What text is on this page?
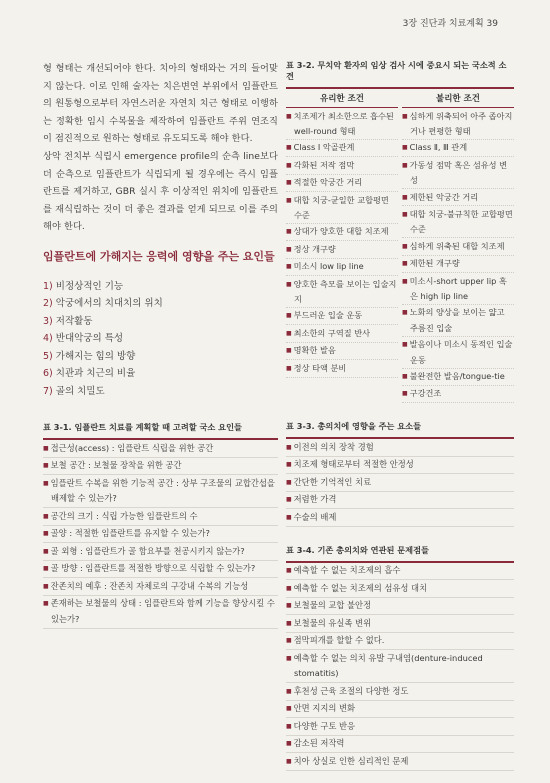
3장 진단과 치료계획 39

형 형태는 개선되어야 한다. 치아의 형태와는 거의 들어맞지 않는다. 이로 인해 술자는 치은변연 부위에서 임플란트의 원통형으로부터 자연스러운 자연치 치근 형태로 이행하는 정확한 임시 수복물을 제작하여 임플란트 주위 연조직이 점진적으로 원하는 형태로 유도되도록 해야 한다.

상악 전치부 식립시 emergence profile의 순측 line보다 더 순측으로 임플란트가 식립되게 될 경우에는 즉시 임플란트를 제거하고, GBR 실시 후 이상적인 위치에 임플란트를 재식립하는 것이 더 좋은 결과를 얻게 되므로 이를 주의해야 한다.

임플란트에 가해지는 응력에 영향을 주는 요인들
1) 비정상적인 기능
2) 악궁에서의 치대치의 위치
3) 저작활동
4) 반대악궁의 특성
5) 가해지는 힘의 방향
6) 치관과 치근의 비율
7) 골의 치밀도
표 3-1. 임플란트 치료를 계획할 때 고려할 국소 요인들
■ 접근성(access) : 임플란트 식립을 위한 공간
■ 보철 공간 : 보철물 장착을 위한 공간
■ 임플란트 수복을 위한 기능적 공간 : 상부 구조물의 교합간섭을 배제할 수 있는가?
■ 공간의 크기 : 식립 가능한 임플란트의 수
■ 골양 : 적절한 임플란트를 유지할 수 있는가?
■ 골 외형 : 임플란트가 골 함요부를 천공시키지 않는가?
■ 골 방향 : 임플란트를 적절한 방향으로 식립할 수 있는가?
■ 잔존치의 예후 : 잔존치 자체로의 구강내 수복의 기능성
■ 존재하는 보철물의 상태 : 임플란트와 함께 기능을 향상시킬 수 있는가?
표 3-2. 무치악 환자의 임상 검사 시에 중요시 되는 국소적 소견
유리한 조건
■ 치조제가 최소한으로 흡수된 well-round 형태
■ Class Ⅰ 악골관계
■ 각화된 저작 점막
■ 적절한 악궁간 거리
■ 대합 치궁-균일한 교합평면 수준
■ 상대가 양호한 대합 치조제
■ 정상 개구량
■ 미소시 low lip line
■ 양호한 측모를 보이는 입술지지
■ 부드러운 입술 운동
■ 최소한의 구역질 반사
■ 명확한 발음
■ 정상 타액 분비
불리한 조건
■ 심하게 위축되어 아주 좁아지거나 편평한 형태
■ Class Ⅱ, Ⅲ 관계
■ 가동성 점막 혹은 섬유성 변성
■ 제한된 악궁간 거리
■ 대합 치궁-불규칙한 교합평면 수준
■ 심하게 위축된 대합 치조제
■ 제한된 개구량
■ 미소시-short upper lip 혹은 high lip line
■ 노화의 양상을 보이는 얇고 주름진 입술
■ 발음이나 미소시 동적인 입술운동
■ 불완전한 발음/tongue-tie
■ 구강건조
표 3-3. 총의치에 영향을 주는 요소들
■ 이전의 의치 장착 경험
■ 치조제 형태로부터 적절한 안정성
■ 간단한 기억적인 치료
■ 저렴한 가격
■ 수술의 배제
표 3-4. 기존 총의치와 연관된 문제점들
■ 예측할 수 없는 치조제의 흡수
■ 예측할 수 없는 치조제의 섬유성 대치
■ 보철물의 교합 불안정
■ 보철물의 유실족 변위
■ 점막피개를 할할 수 없다.
■ 예측할 수 없는 의치 유발 구내염(denture-induced stomatitis)
■ 후천성 근육 조절의 다양한 정도
■ 안면 지지의 변화
■ 다양한 구토 반응
■ 감소된 저작력
■ 치아 상실로 인한 심리적인 문제
